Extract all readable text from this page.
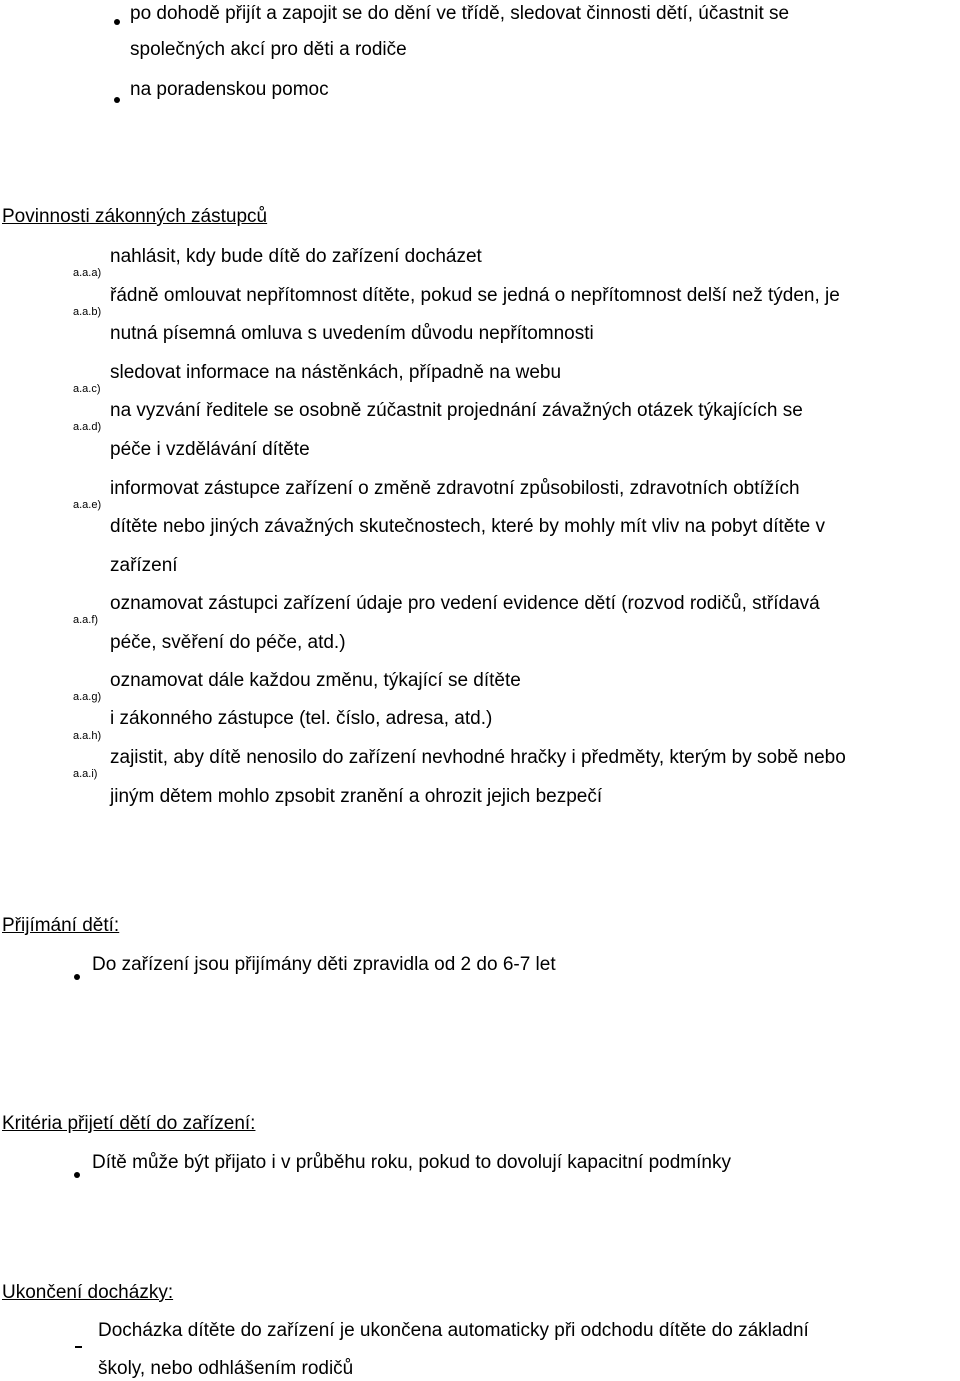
po dohodě přijít a zapojit se do dění ve třídě, sledovat činnosti dětí, účastnit se

společných akcí pro děti a rodiče

na poradenskou pomoc

Povinnosti zákonných zástupců

nahlásit, kdy bude dítě do zařízení docházet

a.a.a)

řádně omlouvat nepřítomnost dítěte, pokud se jedná o nepřítomnost delší než týden, je

a.a.b)

nutná písemná omluva s uvedením důvodu nepřítomnosti

sledovat informace na nástěnkách, případně na webu

a.a.c)

na vyzvání ředitele se osobně zúčastnit projednání závažných otázek týkajících se

a.a.d)

péče i vzdělávání dítěte

informovat zástupce zařízení o změně zdravotní způsobilosti, zdravotních obtížích

a.a.e)

dítěte nebo jiných závažných skutečnostech, které by mohly mít vliv na pobyt dítěte v

zařízení

oznamovat zástupci zařízení údaje pro vedení evidence dětí (rozvod rodičů, střídavá

a.a.f)

péče, svěření do péče, atd.)

oznamovat dále každou změnu, týkající se dítěte

a.a.g)

i zákonného zástupce (tel. číslo, adresa, atd.)

a.a.h)

zajistit, aby dítě nenosilo do zařízení nevhodné hračky i předměty, kterým by sobě nebo

a.a.i)

jiným dětem mohlo zpsobit zranění a ohrozit jejich bezpečí

Přijímání dětí:

Do zařízení jsou přijímány děti zpravidla od 2 do 6-7 let

Kritéria přijetí dětí do zařízení:

Dítě může být přijato i v průběhu roku, pokud to dovolují kapacitní podmínky

Ukončení docházky:

Docházka dítěte do zařízení je ukončena automaticky při odchodu dítěte do základní

školy, nebo odhlášením rodičů
